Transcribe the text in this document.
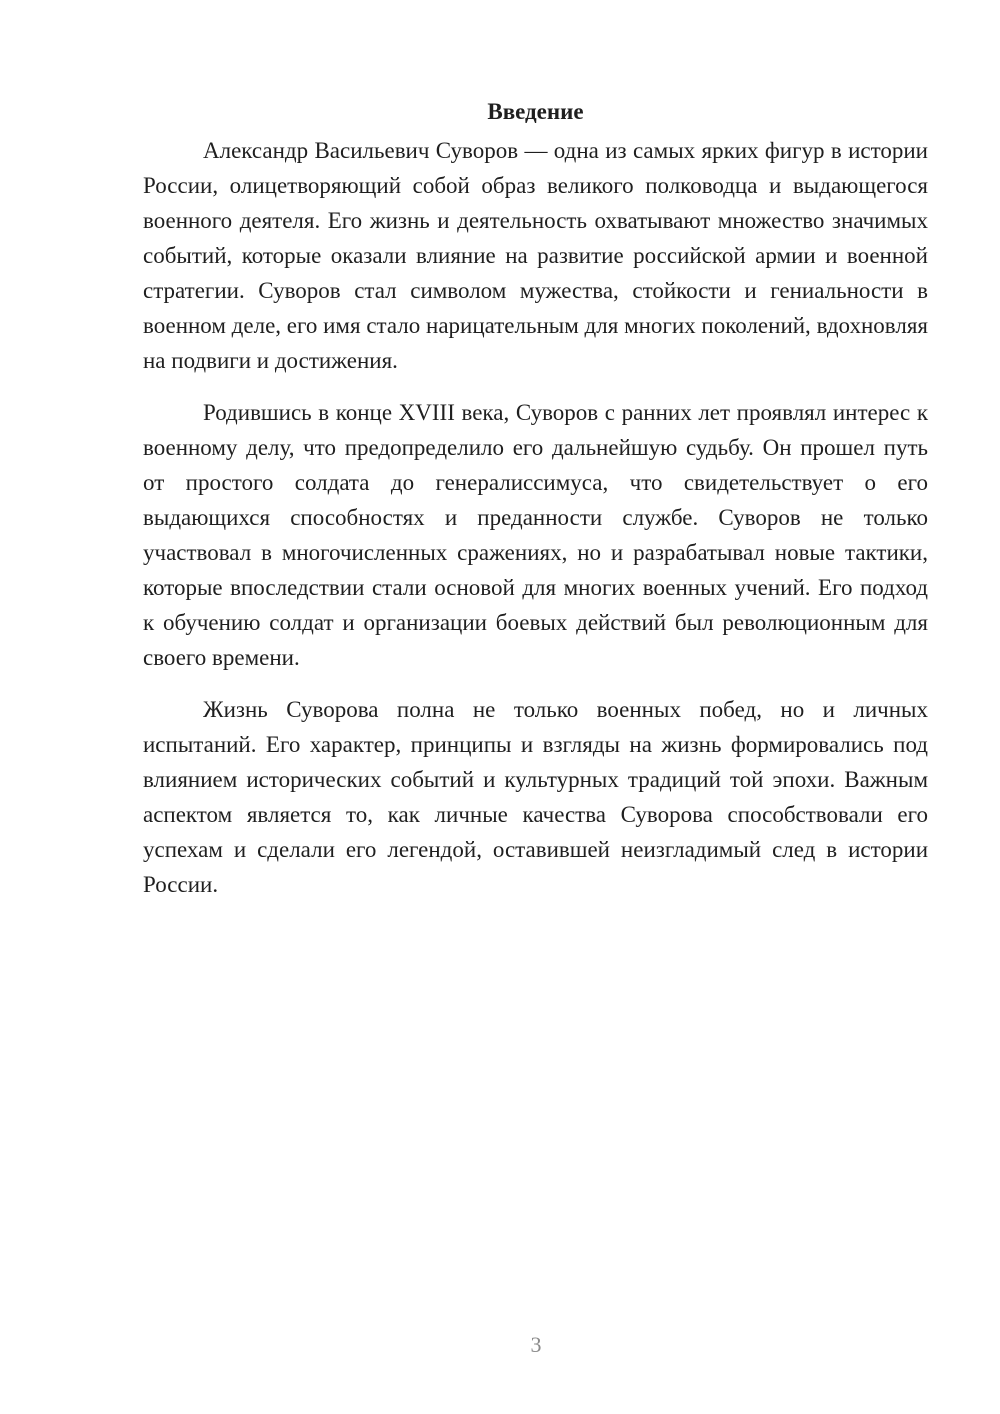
Введение

Александр Васильевич Суворов — одна из самых ярких фигур в истории России, олицетворяющий собой образ великого полководца и выдающегося военного деятеля. Его жизнь и деятельность охватывают множество значимых событий, которые оказали влияние на развитие российской армии и военной стратегии. Суворов стал символом мужества, стойкости и гениальности в военном деле, его имя стало нарицательным для многих поколений, вдохновляя на подвиги и достижения.

Родившись в конце XVIII века, Суворов с ранних лет проявлял интерес к военному делу, что предопределило его дальнейшую судьбу. Он прошел путь от простого солдата до генералиссимуса, что свидетельствует о его выдающихся способностях и преданности службе. Суворов не только участвовал в многочисленных сражениях, но и разрабатывал новые тактики, которые впоследствии стали основой для многих военных учений. Его подход к обучению солдат и организации боевых действий был революционным для своего времени.

Жизнь Суворова полна не только военных побед, но и личных испытаний. Его характер, принципы и взгляды на жизнь формировались под влиянием исторических событий и культурных традиций той эпохи. Важным аспектом является то, как личные качества Суворова способствовали его успехам и сделали его легендой, оставившей неизгладимый след в истории России.

3
